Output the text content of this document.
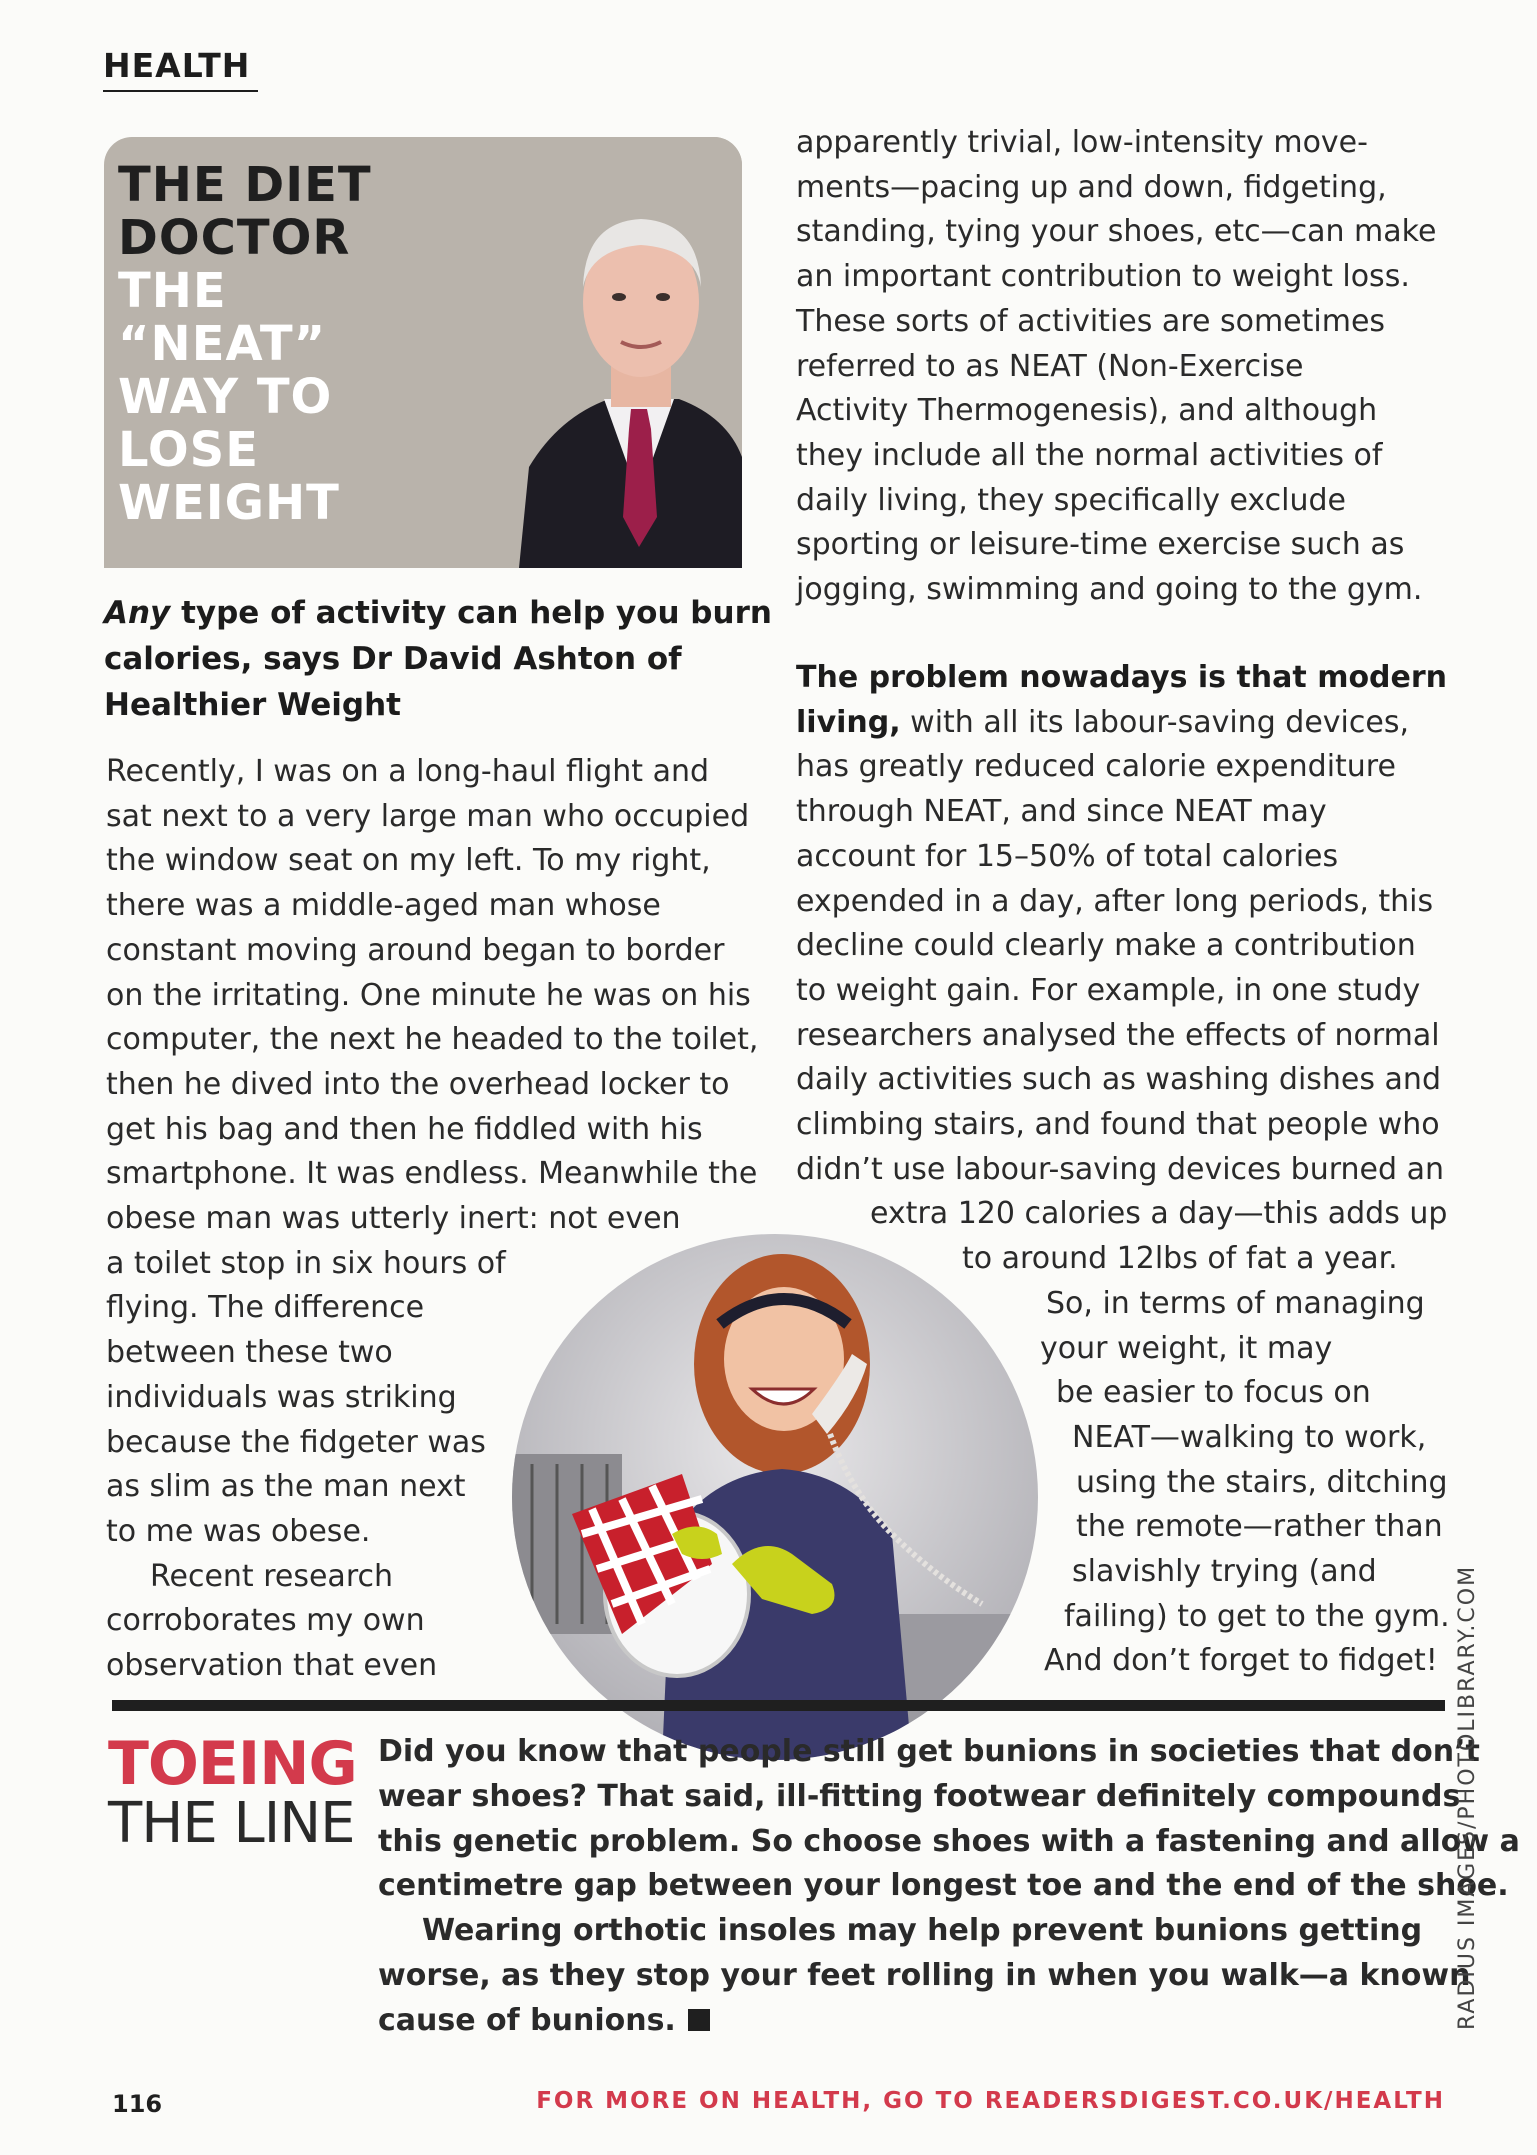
HEALTH
THE DIET
DOCTOR
THE
“NEAT”
WAY TO
LOSE
WEIGHT
Any type of activity can help you burn
calories, says Dr David Ashton of
Healthier Weight

Recently, I was on a long-haul flight and
sat next to a very large man who occupied
the window seat on my left. To my right,
there was a middle-aged man whose
constant moving around began to border
on the irritating. One minute he was on his
computer, the next he headed to the toilet,
then he dived into the overhead locker to
get his bag and then he fiddled with his
smartphone. It was endless. Meanwhile the
obese man was utterly inert: not even
a toilet stop in six hours of
flying. The difference
between these two
individuals was striking
because the fidgeter was
as slim as the man next
to me was obese.

Recent research
corroborates my own
observation that even

apparently trivial, low-intensity move-
ments—pacing up and down, fidgeting,
standing, tying your shoes, etc—can make
an important contribution to weight loss.
These sorts of activities are sometimes
referred to as NEAT (Non-Exercise
Activity Thermogenesis), and although
they include all the normal activities of
daily living, they specifically exclude
sporting or leisure-time exercise such as
jogging, swimming and going to the gym.

The problem nowadays is that modern
living, with all its labour-saving devices,
has greatly reduced calorie expenditure
through NEAT, and since NEAT may
account for 15–50% of total calories
expended in a day, after long periods, this
decline could clearly make a contribution
to weight gain. For example, in one study
researchers analysed the effects of normal
daily activities such as washing dishes and
climbing stairs, and found that people who
didn’t use labour-saving devices burned an
extra 120 calories a day—this adds up
to around 12lbs of fat a year.

So, in terms of managing
your weight, it may
be easier to focus on
NEAT—walking to work,
using the stairs, ditching
the remote—rather than
slavishly trying (and
failing) to get to the gym.
And don’t forget to fidget!

TOEING
THE LINE

Did you know that people still get bunions in societies that don’t
wear shoes? That said, ill-fitting footwear definitely compounds
this genetic problem. So choose shoes with a fastening and allow a
centimetre gap between your longest toe and the end of the shoe.

Wearing orthotic insoles may help prevent bunions getting
worse, as they stop your feet rolling in when you walk—a known
cause of bunions.	RADIUS IMAGES/PHOTOLIBRARY.COM
116	FOR MORE ON HEALTH, GO TO READERSDIGEST.CO.UK/HEALTH
